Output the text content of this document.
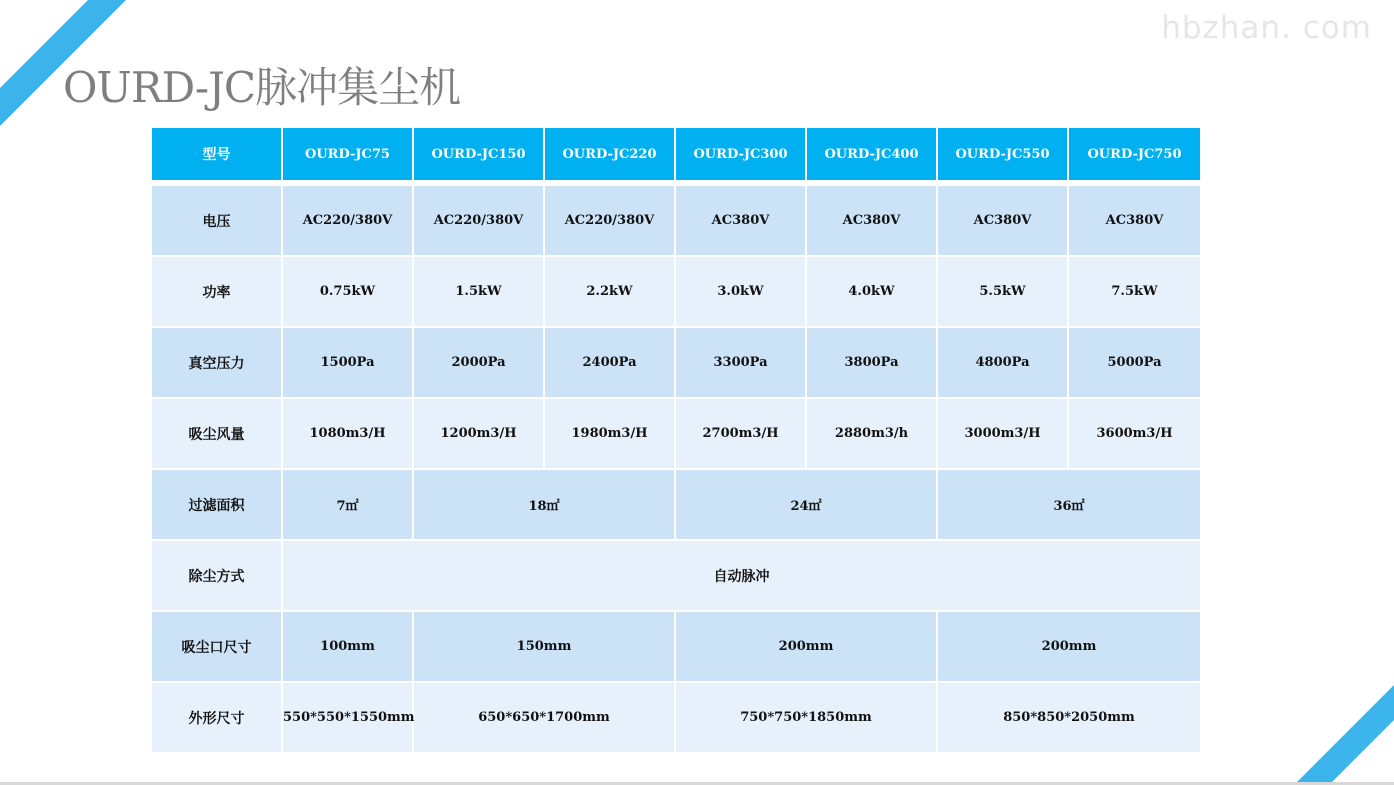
hbzhan. com
OURD-JC脉冲集尘机
型号	OURD-JC75	OURD-JC150	OURD-JC220	OURD-JC300	OURD-JC400	OURD-JC550	OURD-JC750

电压	AC220/380V	AC220/380V	AC220/380V	AC380V	AC380V	AC380V	AC380V
功率	0.75kW	1.5kW	2.2kW	3.0kW	4.0kW	5.5kW	7.5kW
真空压力	1500Pa	2000Pa	2400Pa	3300Pa	3800Pa	4800Pa	5000Pa
吸尘风量	1080m3/H	1200m3/H	1980m3/H	2700m3/H	2880m3/h	3000m3/H	3600m3/H
过滤面积	7㎡	18㎡		24㎡		36㎡	
除尘方式	自动脉冲						
吸尘口尺寸	100mm	150mm		200mm		200mm	
外形尺寸	550*550*1550mm	650*650*1700mm		750*750*1850mm		850*850*2050mm	
